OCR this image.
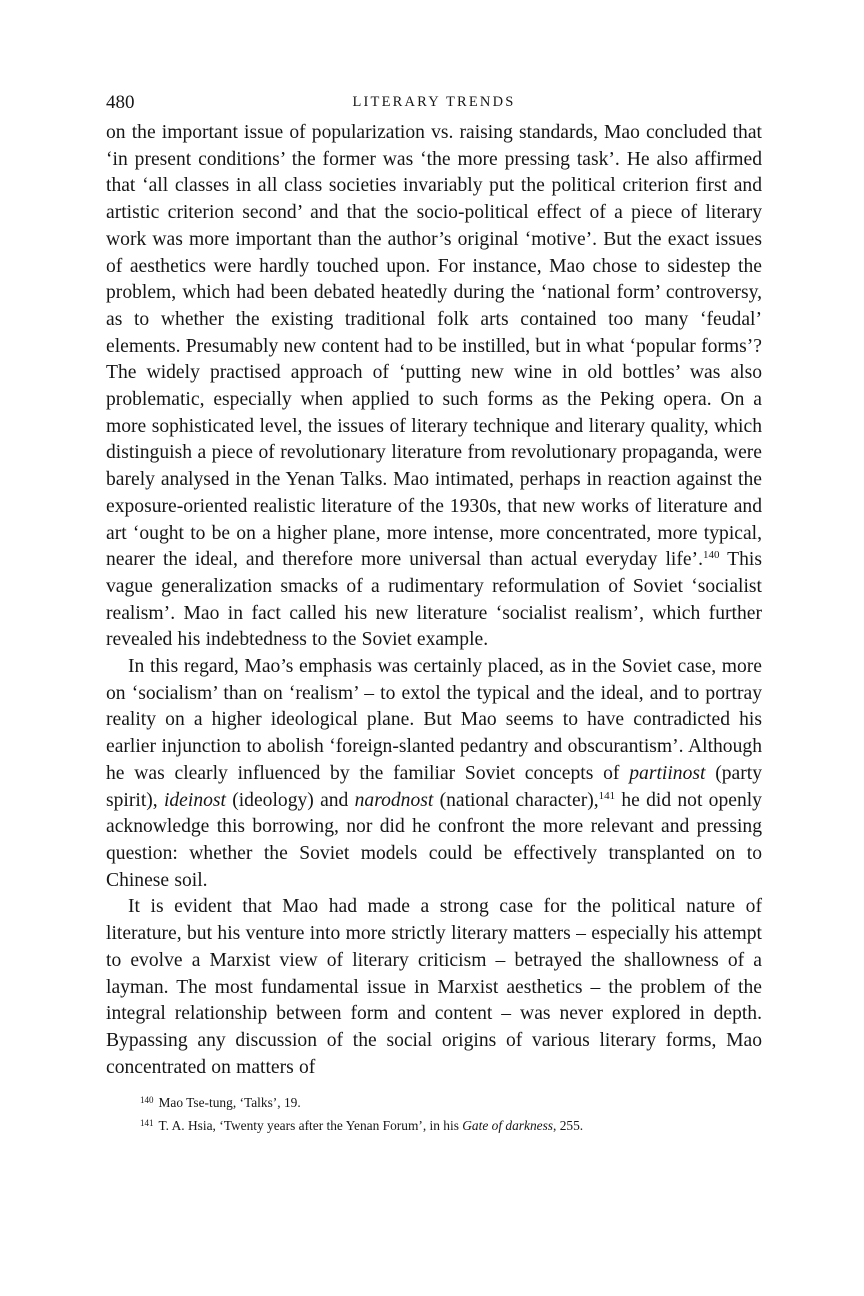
480	LITERARY TRENDS

on the important issue of popularization vs. raising standards, Mao concluded that ‘in present conditions’ the former was ‘the more pressing task’. He also affirmed that ‘all classes in all class societies invariably put the political criterion first and artistic criterion second’ and that the socio-political effect of a piece of literary work was more important than the author’s original ‘motive’. But the exact issues of aesthetics were hardly touched upon. For instance, Mao chose to sidestep the problem, which had been debated heatedly during the ‘national form’ controversy, as to whether the existing traditional folk arts contained too many ‘feudal’ elements. Presumably new content had to be instilled, but in what ‘popular forms’? The widely practised approach of ‘putting new wine in old bottles’ was also problematic, especially when applied to such forms as the Peking opera. On a more sophisticated level, the issues of literary technique and literary quality, which distinguish a piece of revolutionary literature from revolutionary propaganda, were barely analysed in the Yenan Talks. Mao intimated, perhaps in reaction against the exposure-oriented realistic literature of the 1930s, that new works of literature and art ‘ought to be on a higher plane, more intense, more concentrated, more typical, nearer the ideal, and therefore more universal than actual everyday life’.$^{140}$ This vague generalization smacks of a rudimentary reformulation of Soviet ‘socialist realism’. Mao in fact called his new literature ‘socialist realism’, which further revealed his indebtedness to the Soviet example.

In this regard, Mao’s emphasis was certainly placed, as in the Soviet case, more on ‘socialism’ than on ‘realism’ – to extol the typical and the ideal, and to portray reality on a higher ideological plane. But Mao seems to have contradicted his earlier injunction to abolish ‘foreign-slanted pedantry and obscurantism’. Although he was clearly influenced by the familiar Soviet concepts of partiinost (party spirit), ideinost (ideology) and narodnost (national character),$^{141}$ he did not openly acknowledge this borrowing, nor did he confront the more relevant and pressing question: whether the Soviet models could be effectively transplanted on to Chinese soil.

It is evident that Mao had made a strong case for the political nature of literature, but his venture into more strictly literary matters – especially his attempt to evolve a Marxist view of literary criticism – betrayed the shallowness of a layman. The most fundamental issue in Marxist aesthetics – the problem of the integral relationship between form and content – was never explored in depth. Bypassing any discussion of the social origins of various literary forms, Mao concentrated on matters of

$^{140}$ Mao Tse-tung, ‘Talks’, 19.
$^{141}$ T. A. Hsia, ‘Twenty years after the Yenan Forum’, in his Gate of darkness, 255.
